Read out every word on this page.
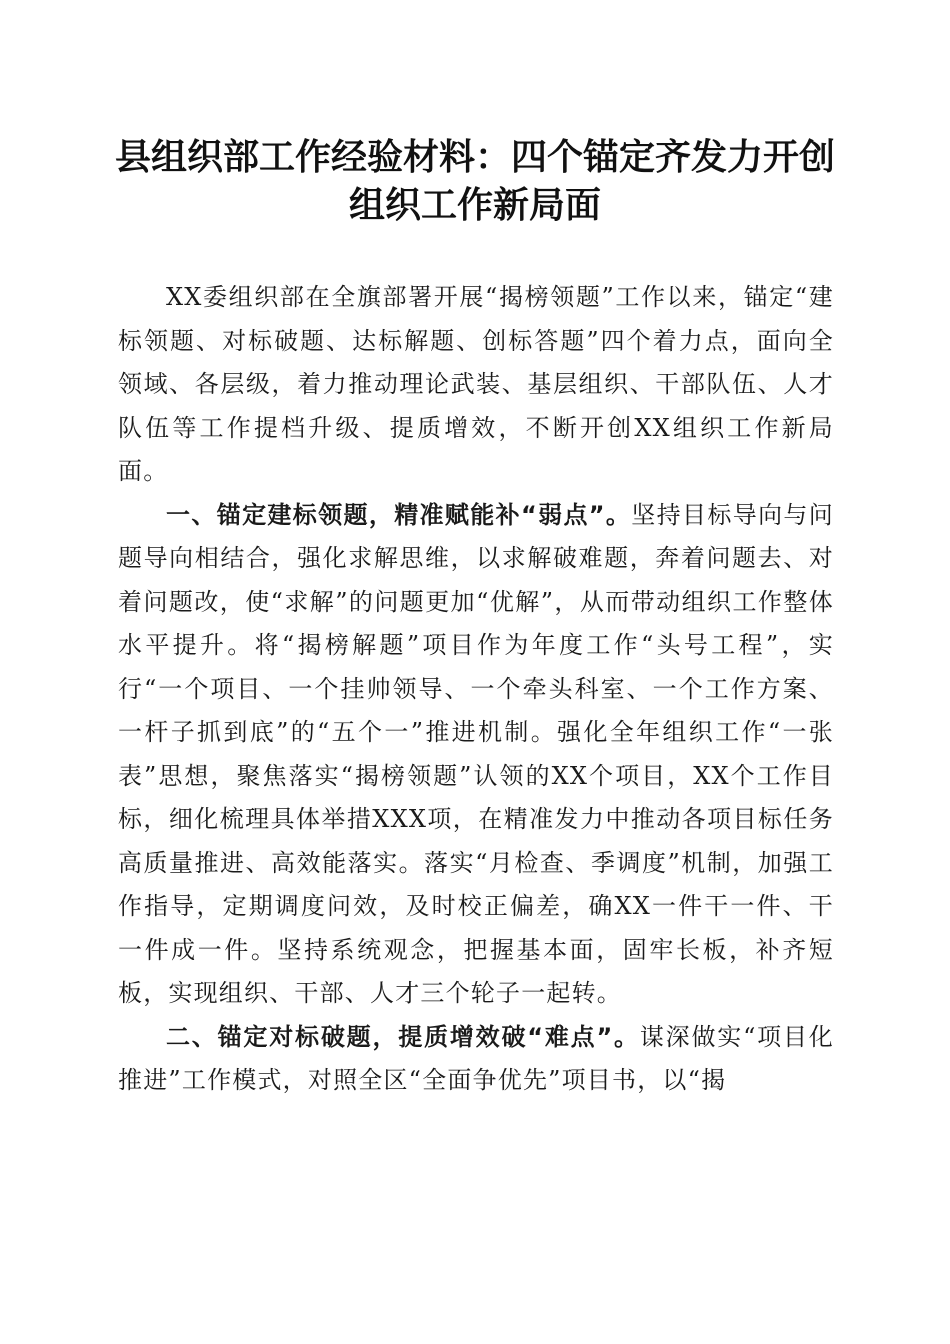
县组织部工作经验材料：四个锚定齐发力开创
组织工作新局面

XX委组织部在全旗部署开展“揭榜领题”工作以来，锚定“建标领题、对标破题、达标解题、创标答题”四个着力点，面向全领域、各层级，着力推动理论武装、基层组织、干部队伍、人才队伍等工作提档升级、提质增效，不断开创XX组织工作新局面。

一、锚定建标领题，精准赋能补“弱点”。坚持目标导向与问题导向相结合，强化求解思维，以求解破难题，奔着问题去、对着问题改，使“求解”的问题更加“优解”，从而带动组织工作整体水平提升。将“揭榜解题”项目作为年度工作“头号工程”，实行“一个项目、一个挂帅领导、一个牵头科室、一个工作方案、一杆子抓到底”的“五个一”推进机制。强化全年组织工作“一张表”思想，聚焦落实“揭榜领题”认领的XX个项目，XX个工作目标，细化梳理具体举措XXX项，在精准发力中推动各项目标任务高质量推进、高效能落实。落实“月检查、季调度”机制，加强工作指导，定期调度问效，及时校正偏差，确XX一件干一件、干一件成一件。坚持系统观念，把握基本面，固牢长板，补齐短板，实现组织、干部、人才三个轮子一起转。

二、锚定对标破题，提质增效破“难点”。谋深做实“项目化推进”工作模式，对照全区“全面争优先”项目书，以“揭
